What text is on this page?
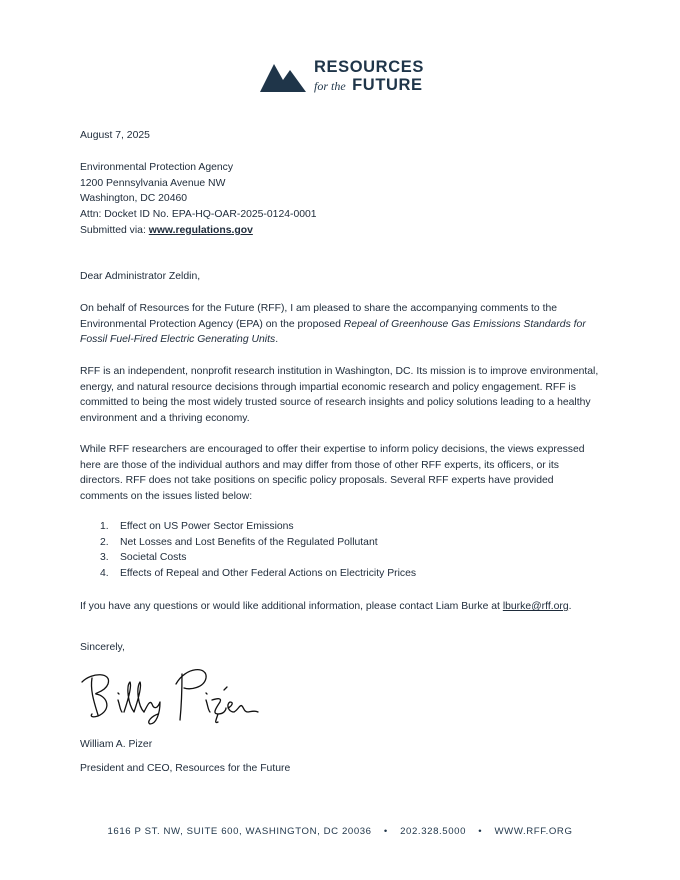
RESOURCES
for the FUTURE
August 7, 2025
Environmental Protection Agency
1200 Pennsylvania Avenue NW
Washington, DC 20460
Attn: Docket ID No. EPA-HQ-OAR-2025-0124-0001
Submitted via: www.regulations.gov
Dear Administrator Zeldin,
On behalf of Resources for the Future (RFF), I am pleased to share the accompanying comments to the Environmental Protection Agency (EPA) on the proposed Repeal of Greenhouse Gas Emissions Standards for Fossil Fuel-Fired Electric Generating Units.
RFF is an independent, nonprofit research institution in Washington, DC. Its mission is to improve environmental, energy, and natural resource decisions through impartial economic research and policy engagement. RFF is committed to being the most widely trusted source of research insights and policy solutions leading to a healthy environment and a thriving economy.
While RFF researchers are encouraged to offer their expertise to inform policy decisions, the views expressed here are those of the individual authors and may differ from those of other RFF experts, its officers, or its directors. RFF does not take positions on specific policy proposals. Several RFF experts have provided comments on the issues listed below:
1. Effect on US Power Sector Emissions
2. Net Losses and Lost Benefits of the Regulated Pollutant
3. Societal Costs
4. Effects of Repeal and Other Federal Actions on Electricity Prices
If you have any questions or would like additional information, please contact Liam Burke at lburke@rff.org.
Sincerely,
William A. Pizer
President and CEO, Resources for the Future
1616 P ST. NW, SUITE 600, WASHINGTON, DC 20036 • 202.328.5000 • WWW.RFF.ORG
